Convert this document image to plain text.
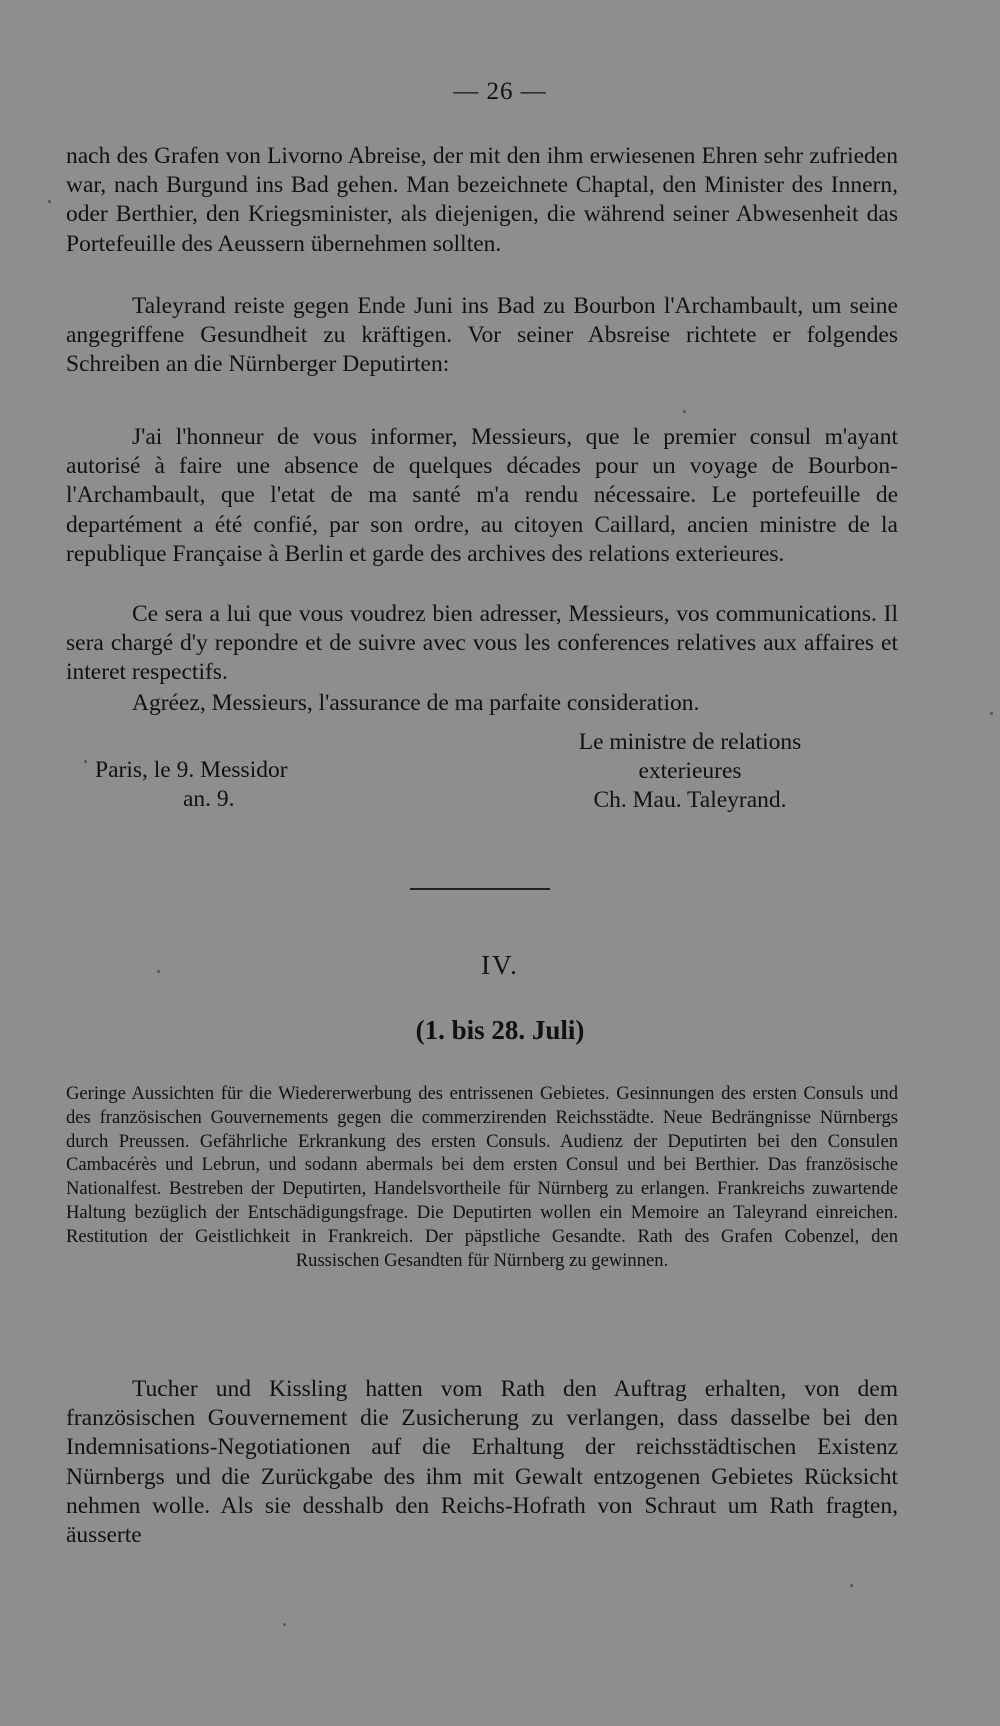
— 26 —

nach des Grafen von Livorno Abreise, der mit den ihm erwiesenen Ehren sehr zufrieden war, nach Burgund ins Bad gehen. Man bezeichnete Chaptal, den Minister des Innern, oder Berthier, den Kriegsminister, als diejenigen, die während seiner Abwesenheit das Portefeuille des Aeussern übernehmen sollten.

Taleyrand reiste gegen Ende Juni ins Bad zu Bourbon l'Archambault, um seine angegriffene Gesundheit zu kräftigen. Vor seiner Absreise richtete er folgendes Schreiben an die Nürnberger Deputirten:

J'ai l'honneur de vous informer, Messieurs, que le premier consul m'ayant autorisé à faire une absence de quelques décades pour un voyage de Bourbon-l'Archambault, que l'etat de ma santé m'a rendu nécessaire. Le portefeuille de departément a été confié, par son ordre, au citoyen Caillard, ancien ministre de la republique Française à Berlin et garde des archives des relations exterieures.

Ce sera a lui que vous voudrez bien adresser, Messieurs, vos communications. Il sera chargé d'y repondre et de suivre avec vous les conferences relatives aux affaires et interet respectifs.

Agréez, Messieurs, l'assurance de ma parfaite consideration.

Paris, le 9. Messidor
an. 9.
Le ministre de relations
exterieures
Ch. Mau. Taleyrand.
IV.
(1. bis 28. Juli)

Geringe Aussichten für die Wiedererwerbung des entrissenen Gebietes. Gesinnungen des ersten Consuls und des französischen Gouvernements gegen die commerzirenden Reichsstädte. Neue Bedrängnisse Nürnbergs durch Preussen. Gefährliche Erkrankung des ersten Consuls. Audienz der Deputirten bei den Consulen Cambacérès und Lebrun, und sodann abermals bei dem ersten Consul und bei Berthier. Das französische Nationalfest. Bestreben der Deputirten, Handelsvortheile für Nürnberg zu erlangen. Frankreichs zuwartende Haltung bezüglich der Entschädigungsfrage. Die Deputirten wollen ein Memoire an Taleyrand einreichen. Restitution der Geistlichkeit in Frankreich. Der päpstliche Gesandte. Rath des Grafen Cobenzel, den Russischen Gesandten für Nürnberg zu gewinnen.

Tucher und Kissling hatten vom Rath den Auftrag erhalten, von dem französischen Gouvernement die Zusicherung zu verlangen, dass dasselbe bei den Indemnisations-Negotiationen auf die Erhaltung der reichsstädtischen Existenz Nürnbergs und die Zurückgabe des ihm mit Gewalt entzogenen Gebietes Rücksicht nehmen wolle. Als sie desshalb den Reichs-Hofrath von Schraut um Rath fragten, äusserte
